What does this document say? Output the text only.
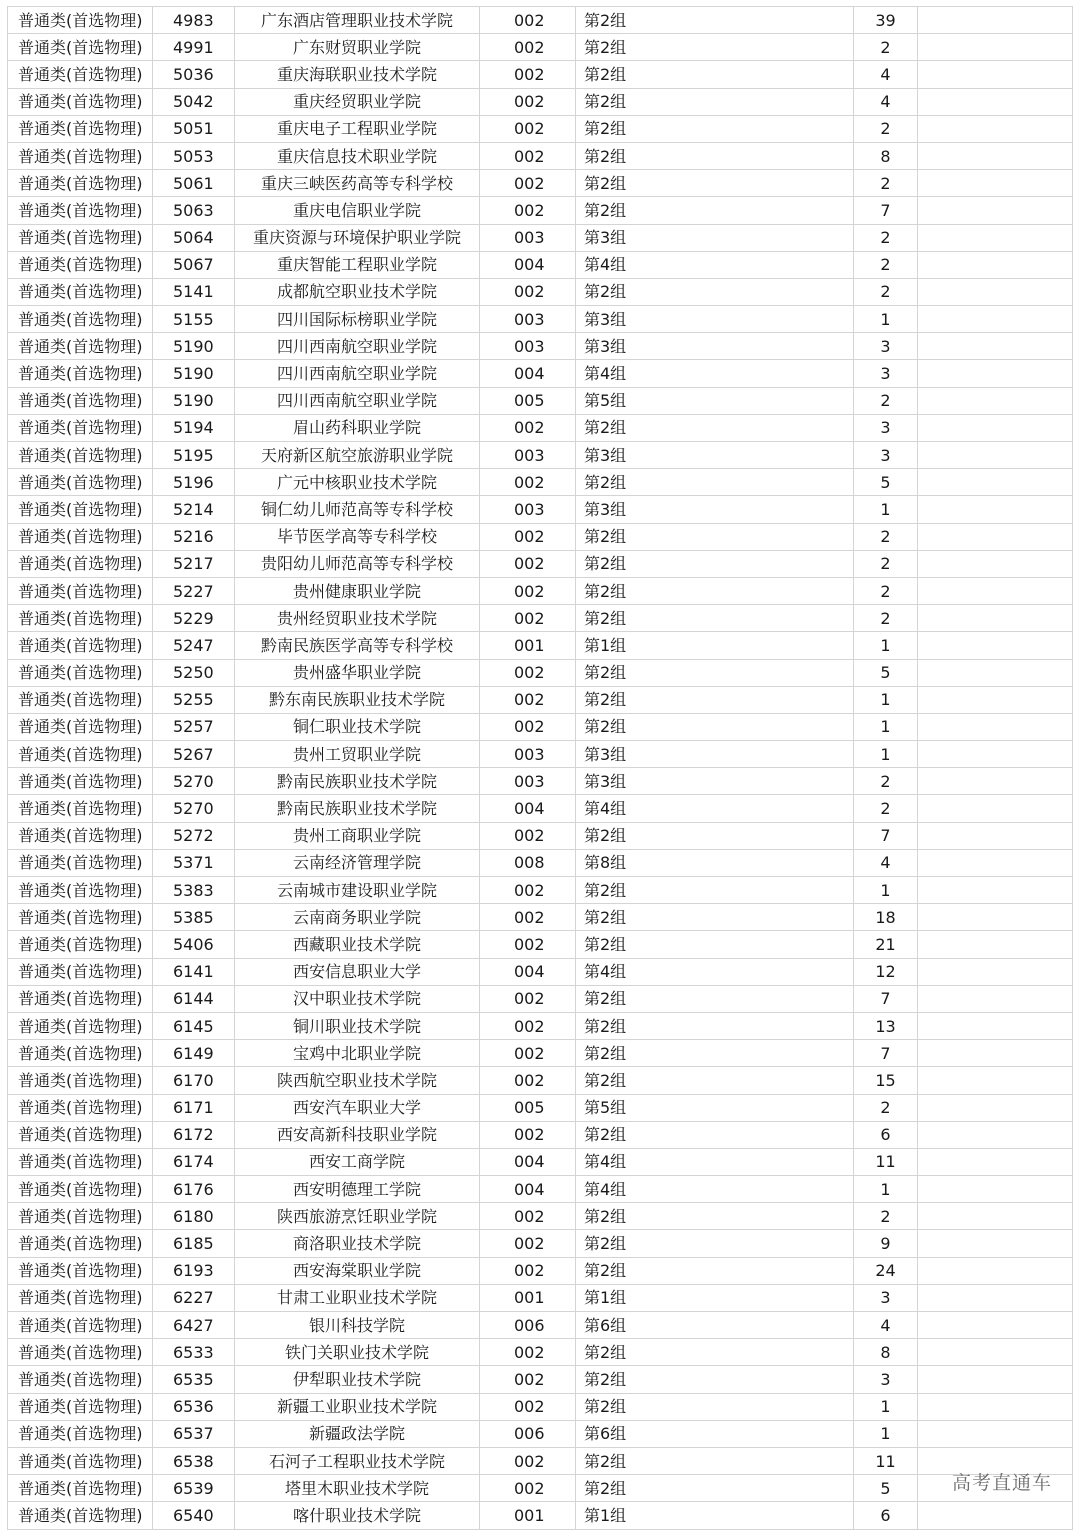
普通类(首选物理)	4983	广东酒店管理职业技术学院	002	第2组	39	
普通类(首选物理)	4991	广东财贸职业学院	002	第2组	2	
普通类(首选物理)	5036	重庆海联职业技术学院	002	第2组	4	
普通类(首选物理)	5042	重庆经贸职业学院	002	第2组	4	
普通类(首选物理)	5051	重庆电子工程职业学院	002	第2组	2	
普通类(首选物理)	5053	重庆信息技术职业学院	002	第2组	8	
普通类(首选物理)	5061	重庆三峡医药高等专科学校	002	第2组	2	
普通类(首选物理)	5063	重庆电信职业学院	002	第2组	7	
普通类(首选物理)	5064	重庆资源与环境保护职业学院	003	第3组	2	
普通类(首选物理)	5067	重庆智能工程职业学院	004	第4组	2	
普通类(首选物理)	5141	成都航空职业技术学院	002	第2组	2	
普通类(首选物理)	5155	四川国际标榜职业学院	003	第3组	1	
普通类(首选物理)	5190	四川西南航空职业学院	003	第3组	3	
普通类(首选物理)	5190	四川西南航空职业学院	004	第4组	3	
普通类(首选物理)	5190	四川西南航空职业学院	005	第5组	2	
普通类(首选物理)	5194	眉山药科职业学院	002	第2组	3	
普通类(首选物理)	5195	天府新区航空旅游职业学院	003	第3组	3	
普通类(首选物理)	5196	广元中核职业技术学院	002	第2组	5	
普通类(首选物理)	5214	铜仁幼儿师范高等专科学校	003	第3组	1	
普通类(首选物理)	5216	毕节医学高等专科学校	002	第2组	2	
普通类(首选物理)	5217	贵阳幼儿师范高等专科学校	002	第2组	2	
普通类(首选物理)	5227	贵州健康职业学院	002	第2组	2	
普通类(首选物理)	5229	贵州经贸职业技术学院	002	第2组	2	
普通类(首选物理)	5247	黔南民族医学高等专科学校	001	第1组	1	
普通类(首选物理)	5250	贵州盛华职业学院	002	第2组	5	
普通类(首选物理)	5255	黔东南民族职业技术学院	002	第2组	1	
普通类(首选物理)	5257	铜仁职业技术学院	002	第2组	1	
普通类(首选物理)	5267	贵州工贸职业学院	003	第3组	1	
普通类(首选物理)	5270	黔南民族职业技术学院	003	第3组	2	
普通类(首选物理)	5270	黔南民族职业技术学院	004	第4组	2	
普通类(首选物理)	5272	贵州工商职业学院	002	第2组	7	
普通类(首选物理)	5371	云南经济管理学院	008	第8组	4	
普通类(首选物理)	5383	云南城市建设职业学院	002	第2组	1	
普通类(首选物理)	5385	云南商务职业学院	002	第2组	18	
普通类(首选物理)	5406	西藏职业技术学院	002	第2组	21	
普通类(首选物理)	6141	西安信息职业大学	004	第4组	12	
普通类(首选物理)	6144	汉中职业技术学院	002	第2组	7	
普通类(首选物理)	6145	铜川职业技术学院	002	第2组	13	
普通类(首选物理)	6149	宝鸡中北职业学院	002	第2组	7	
普通类(首选物理)	6170	陕西航空职业技术学院	002	第2组	15	
普通类(首选物理)	6171	西安汽车职业大学	005	第5组	2	
普通类(首选物理)	6172	西安高新科技职业学院	002	第2组	6	
普通类(首选物理)	6174	西安工商学院	004	第4组	11	
普通类(首选物理)	6176	西安明德理工学院	004	第4组	1	
普通类(首选物理)	6180	陕西旅游烹饪职业学院	002	第2组	2	
普通类(首选物理)	6185	商洛职业技术学院	002	第2组	9	
普通类(首选物理)	6193	西安海棠职业学院	002	第2组	24	
普通类(首选物理)	6227	甘肃工业职业技术学院	001	第1组	3	
普通类(首选物理)	6427	银川科技学院	006	第6组	4	
普通类(首选物理)	6533	铁门关职业技术学院	002	第2组	8	
普通类(首选物理)	6535	伊犁职业技术学院	002	第2组	3	
普通类(首选物理)	6536	新疆工业职业技术学院	002	第2组	1	
普通类(首选物理)	6537	新疆政法学院	006	第6组	1	
普通类(首选物理)	6538	石河子工程职业技术学院	002	第2组	11	
普通类(首选物理)	6539	塔里木职业技术学院	002	第2组	5	
普通类(首选物理)	6540	喀什职业技术学院	001	第1组	6	
高考直通车
